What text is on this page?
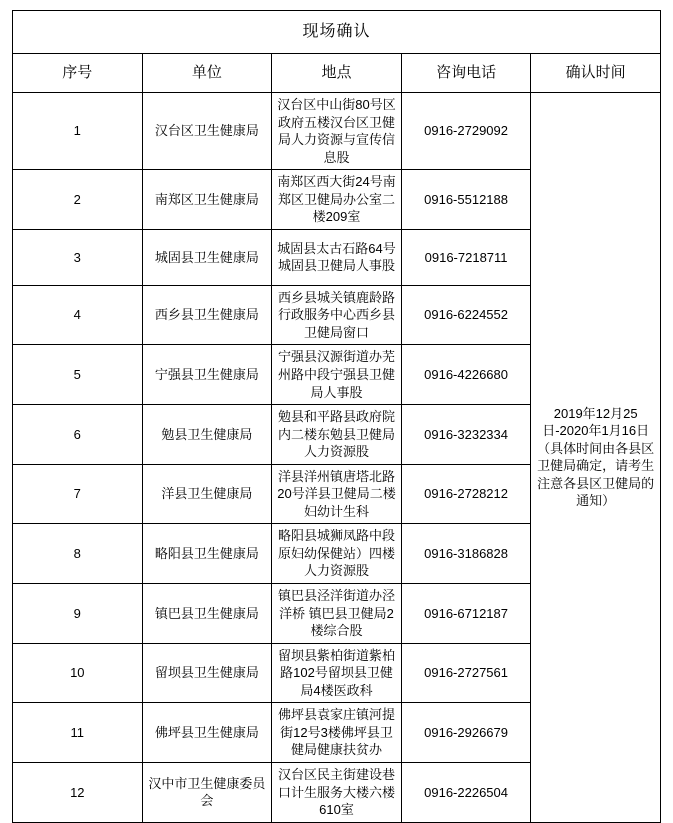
现场确认				
序号	单位	地点	咨询电话	确认时间
1	汉台区卫生健康局	汉台区中山街80号区政府五楼汉台区卫健局人力资源与宣传信息股	0916-2729092	2019年12月25日-2020年1月16日（具体时间由各县区卫健局确定，请考生注意各县区卫健局的通知）
2	南郑区卫生健康局	南郑区西大街24号南郑区卫健局办公室二楼209室	0916-5512188	
3	城固县卫生健康局	城固县太古石路64号城固县卫健局人事股	0916-7218711	
4	西乡县卫生健康局	西乡县城关镇鹿龄路行政服务中心西乡县卫健局窗口	0916-6224552	
5	宁强县卫生健康局	宁强县汉源街道办芜州路中段宁强县卫健局人事股	0916-4226680	
6	勉县卫生健康局	勉县和平路县政府院内二楼东勉县卫健局人力资源股	0916-3232334	
7	洋县卫生健康局	洋县洋州镇唐塔北路20号洋县卫健局二楼妇幼计生科	0916-2728212	
8	略阳县卫生健康局	略阳县城狮凤路中段原妇幼保健站）四楼人力资源股	0916-3186828	
9	镇巴县卫生健康局	镇巴县泾洋街道办泾洋桥 镇巴县卫健局2楼综合股	0916-6712187	
10	留坝县卫生健康局	留坝县紫柏街道紫柏路102号留坝县卫健局4楼医政科	0916-2727561	
11	佛坪县卫生健康局	佛坪县袁家庄镇河提街12号3楼佛坪县卫健局健康扶贫办	0916-2926679	
12	汉中市卫生健康委员会	汉台区民主街建设巷口计生服务大楼六楼610室	0916-2226504	
